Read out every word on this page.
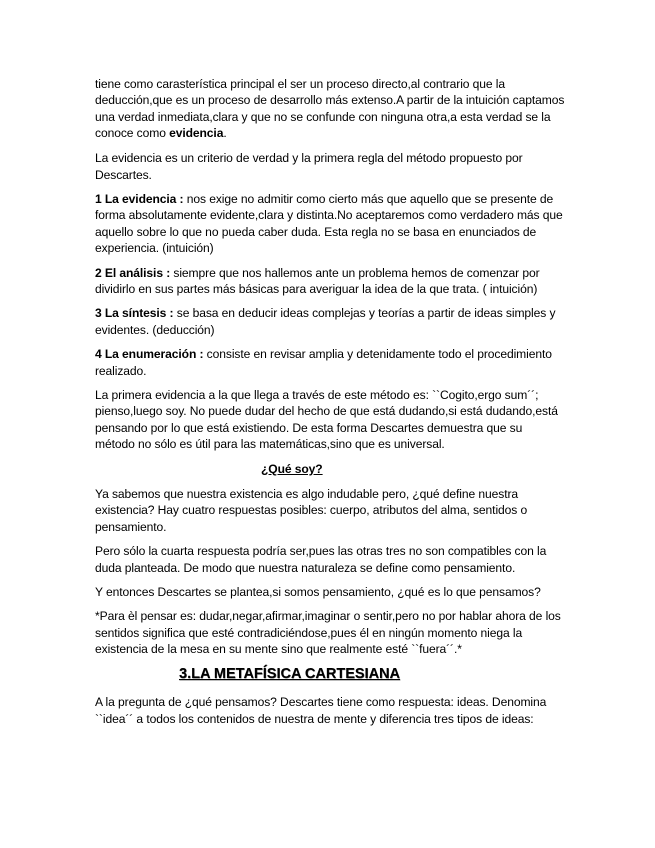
tiene como carasterística principal el ser un proceso directo,al contrario que la deducción,que es un proceso de desarrollo más extenso.A partir de la intuición captamos una verdad inmediata,clara y que no se confunde con ninguna otra,a esta verdad se la conoce como evidencia.

La evidencia es un criterio de verdad y la primera regla del método propuesto por Descartes.

1 La evidencia : nos exige no admitir como cierto más que aquello que se presente de forma absolutamente evidente,clara y distinta.No aceptaremos como verdadero más que aquello sobre lo que no pueda caber duda. Esta regla no se basa en enunciados de experiencia. (intuición)

2 El análisis : siempre que nos hallemos ante un problema hemos de comenzar por dividirlo en sus partes más básicas para averiguar la idea de la que trata. ( intuición)

3 La síntesis : se basa en deducir ideas complejas y teorías a partir de ideas simples y evidentes. (deducción)

4 La enumeración : consiste en revisar amplia y detenidamente todo el procedimiento realizado.

La primera evidencia a la que llega a través de este método es: ``Cogito,ergo sum´´; pienso,luego soy. No puede dudar del hecho de que está dudando,si está dudando,está pensando por lo que está existiendo. De esta forma Descartes demuestra que su método no sólo es útil para las matemáticas,sino que es universal.

¿Qué soy?

Ya sabemos que nuestra existencia es algo indudable pero, ¿qué define nuestra existencia? Hay cuatro respuestas posibles: cuerpo, atributos del alma, sentidos o pensamiento.

Pero sólo la cuarta respuesta podría ser,pues las otras tres no son compatibles con la duda planteada. De modo que nuestra naturaleza se define como pensamiento.

Y entonces Descartes se plantea,si somos pensamiento, ¿qué es lo que pensamos?

*Para èl pensar es: dudar,negar,afirmar,imaginar o sentir,pero no por hablar ahora de los sentidos significa que esté contradiciéndose,pues él en ningún momento niega la existencia de la mesa en su mente sino que realmente esté ``fuera´´.*

3.LA METAFÍSICA CARTESIANA

A la pregunta de ¿qué pensamos? Descartes tiene como respuesta: ideas. Denomina ``idea´´ a todos los contenidos de nuestra de mente y diferencia tres tipos de ideas:
